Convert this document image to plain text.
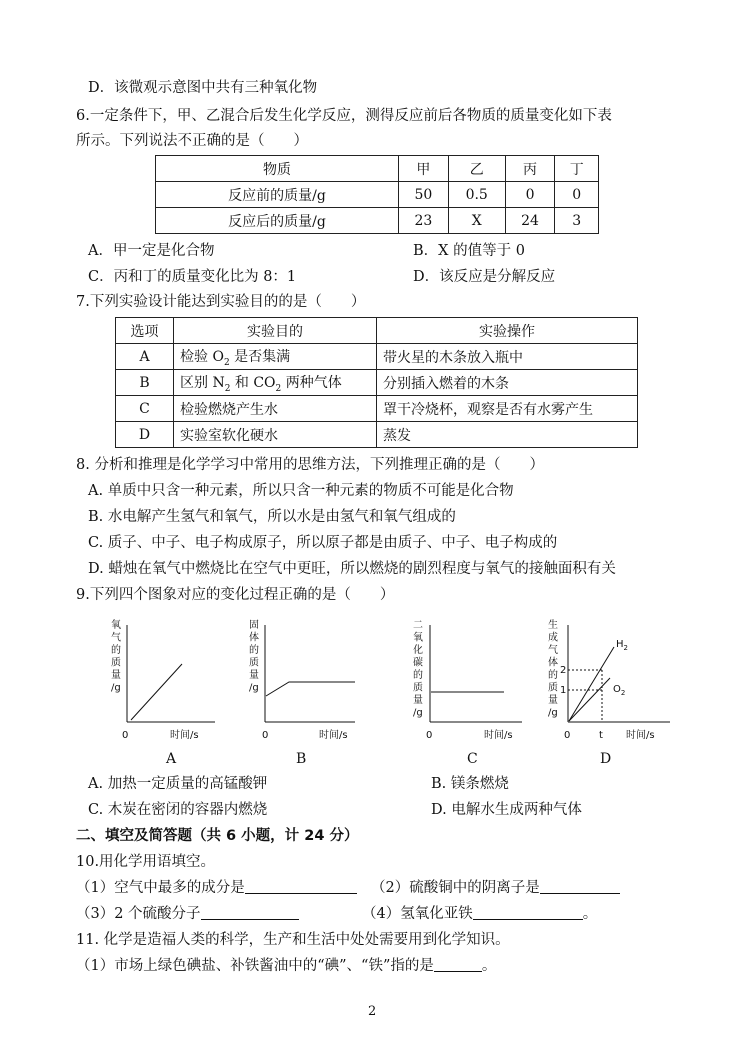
D．该微观示意图中共有三种氧化物
6.一定条件下，甲、乙混合后发生化学反应，测得反应前后各物质的质量变化如下表
所示。下列说法不正确的是（　　）
物质	甲	乙	丙	丁
反应前的质量/g	50	0.5	0	0
反应后的质量/g	23	X	24	3
A．甲一定是化合物	B．X 的值等于 0
C．丙和丁的质量变化比为 8：1	D．该反应是分解反应
7.下列实验设计能达到实验目的的是（　　）
选项	实验目的	实验操作
A	检验 $O_2$ 是否集满	带火星的木条放入瓶中
B	区别 $N_2$ 和 $CO_2$ 两种气体	分别插入燃着的木条
C	检验燃烧产生水	罩干冷烧杯，观察是否有水雾产生
D	实验室软化硬水	蒸发
8. 分析和推理是化学学习中常用的思维方法，下列推理正确的是（　　）
A. 单质中只含一种元素，所以只含一种元素的物质不可能是化合物
B. 水电解产生氢气和氧气，所以水是由氢气和氧气组成的
C. 质子、中子、电子构成原子，所以原子都是由质子、中子、电子构成的
D. 蜡烛在氧气中燃烧比在空气中更旺，所以燃烧的剧烈程度与氧气的接触面积有关
9.下列四个图象对应的变化过程正确的是（　　）
氧气的质量/g
0	时间/s
A
固体的质量/g
0	时间/s
B
二氧化碳的质量/g
0	时间/s
C
生成气体的质量/g
2
1
t
0	时间/s
$H_2$
$O_2$
D
A. 加热一定质量的高锰酸钾	B. 镁条燃烧
C. 木炭在密闭的容器内燃烧	D. 电解水生成两种气体
二、填空及简答题（共 6 小题，计 24 分）
10.用化学用语填空。
（1）空气中最多的成分是	（2）硫酸铜中的阴离子是
（3）2 个硫酸分子	（4）氢氧化亚铁	。
11. 化学是造福人类的科学，生产和生活中处处需要用到化学知识。
（1）市场上绿色碘盐、补铁酱油中的“碘”、“铁”指的是	。
2
